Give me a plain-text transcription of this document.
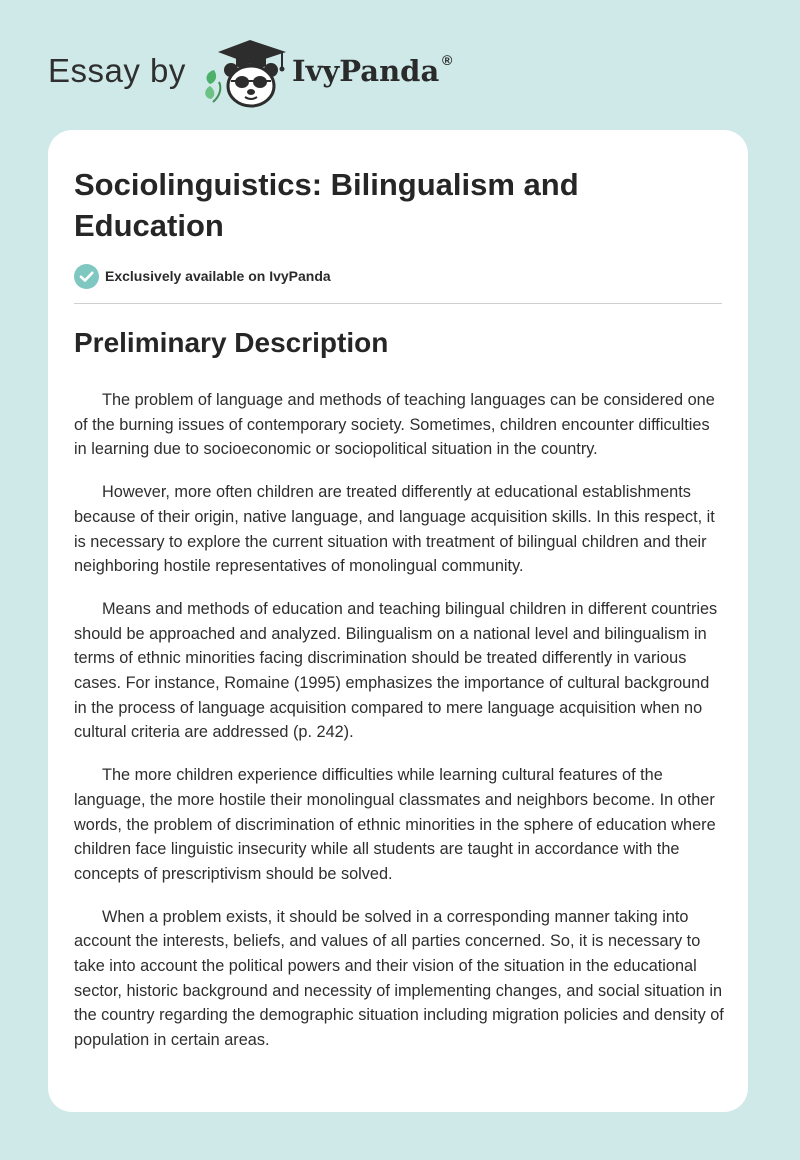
Essay by	IvyPanda ®
Sociolinguistics: Bilingualism and Education
Exclusively available on IvyPanda
Preliminary Description

The problem of language and methods of teaching languages can be considered one of the burning issues of contemporary society. Sometimes, children encounter difficulties in learning due to socioeconomic or sociopolitical situation in the country.

However, more often children are treated differently at educational establishments because of their origin, native language, and language acquisition skills. In this respect, it is necessary to explore the current situation with treatment of bilingual children and their neighboring hostile representatives of monolingual community.

Means and methods of education and teaching bilingual children in different countries should be approached and analyzed. Bilingualism on a national level and bilingualism in terms of ethnic minorities facing discrimination should be treated differently in various cases. For instance, Romaine (1995) emphasizes the importance of cultural background in the process of language acquisition compared to mere language acquisition when no cultural criteria are addressed (p. 242).

The more children experience difficulties while learning cultural features of the language, the more hostile their monolingual classmates and neighbors become. In other words, the problem of discrimination of ethnic minorities in the sphere of education where children face linguistic insecurity while all students are taught in accordance with the concepts of prescriptivism should be solved.

When a problem exists, it should be solved in a corresponding manner taking into account the interests, beliefs, and values of all parties concerned. So, it is necessary to take into account the political powers and their vision of the situation in the educational sector, historic background and necessity of implementing changes, and social situation in the country regarding the demographic situation including migration policies and density of population in certain areas.
